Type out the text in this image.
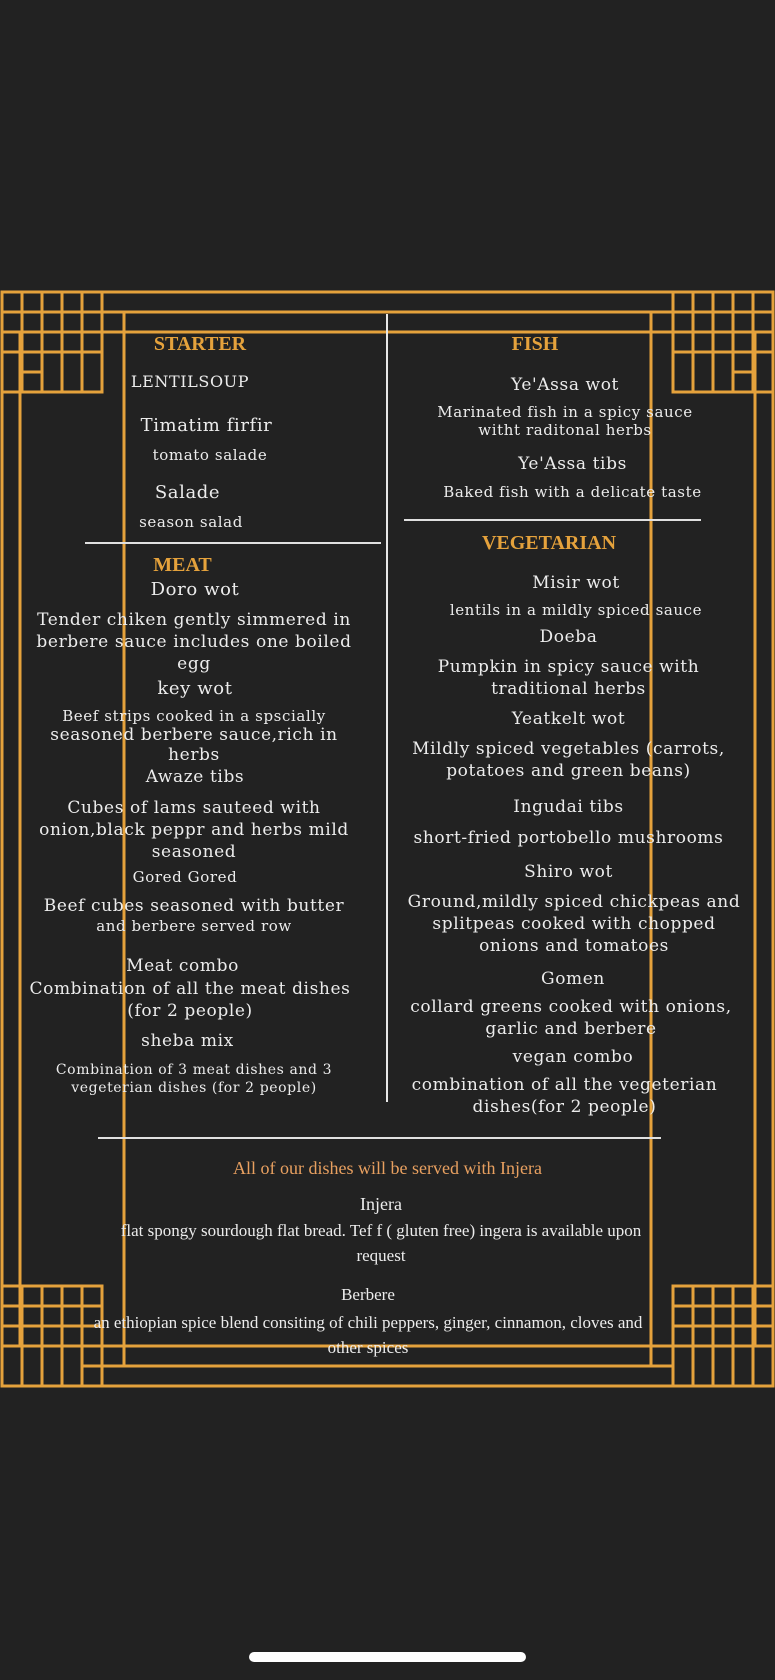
STARTER
LENTILSOUP
Timatim firfir
tomato salade
Salade
season salad
MEAT
Doro wot
Tender chiken gently simmered in
berbere sauce includes one boiled
egg
key wot
Beef strips cooked in a spscially
seasoned berbere sauce,rich in
herbs
Awaze tibs
Cubes of lams sauteed with
onion,black peppr and herbs mild
seasoned
Gored Gored
Beef cubes seasoned with butter
and berbere served row
Meat combo
Combination of all the meat dishes
(for 2 people)
sheba mix
Combination of 3 meat dishes and 3
vegeterian dishes (for 2 people)
FISH
Ye'Assa wot
Marinated fish in a spicy sauce
witht raditonal herbs
Ye'Assa tibs
Baked fish with a delicate taste
VEGETARIAN
Misir wot
lentils in a mildly spiced sauce
Doeba
Pumpkin in spicy sauce with
traditional herbs
Yeatkelt wot
Mildly spiced vegetables (carrots,
potatoes and green beans)
Ingudai tibs
short-fried portobello mushrooms
Shiro wot
Ground,mildly spiced chickpeas and
splitpeas cooked with chopped
onions and tomatoes
Gomen
collard greens cooked with onions,
garlic and berbere
vegan combo
combination of all the vegeterian
dishes(for 2 people)
All of our dishes will be served with Injera
Injera
flat spongy sourdough flat bread. Tef f ( gluten free) ingera is available upon
request
Berbere
an ethiopian spice blend consiting of chili peppers, ginger, cinnamon, cloves and
other spices
